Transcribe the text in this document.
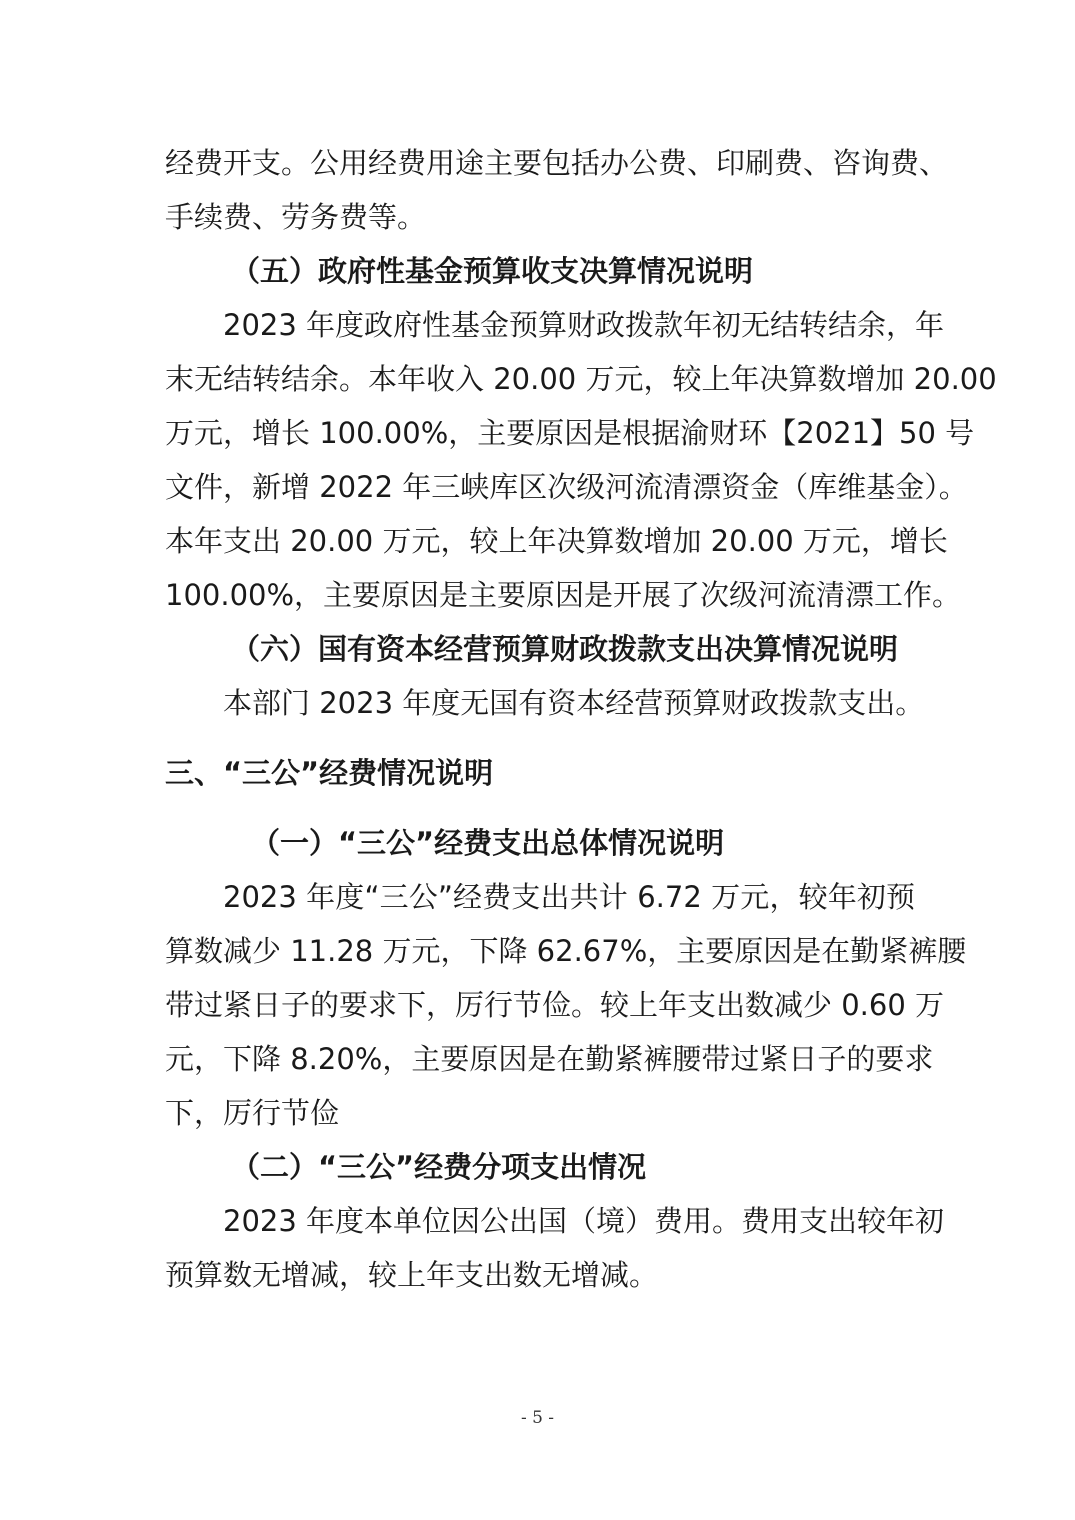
经费开支。公用经费用途主要包括办公费、印刷费、咨询费、
手续费、劳务费等。
（五）政府性基金预算收支决算情况说明
2023 年度政府性基金预算财政拨款年初无结转结余，年
末无结转结余。本年收入 20.00 万元，较上年决算数增加 20.00
万元，增长 100.00%，主要原因是根据渝财环【2021】50 号
文件，新增 2022 年三峡库区次级河流清漂资金（库维基金）。
本年支出 20.00 万元，较上年决算数增加 20.00 万元，增长
100.00%，主要原因是主要原因是开展了次级河流清漂工作。
（六）国有资本经营预算财政拨款支出决算情况说明
本部门 2023 年度无国有资本经营预算财政拨款支出。
三、“三公”经费情况说明
（一）“三公”经费支出总体情况说明
2023 年度“三公”经费支出共计 6.72 万元，较年初预
算数减少 11.28 万元，下降 62.67%，主要原因是在勤紧裤腰
带过紧日子的要求下，厉行节俭。较上年支出数减少 0.60 万
元，下降 8.20%，主要原因是在勤紧裤腰带过紧日子的要求
下，厉行节俭
（二）“三公”经费分项支出情况
2023 年度本单位因公出国（境）费用。费用支出较年初
预算数无增减，较上年支出数无增减。
- 5 -
